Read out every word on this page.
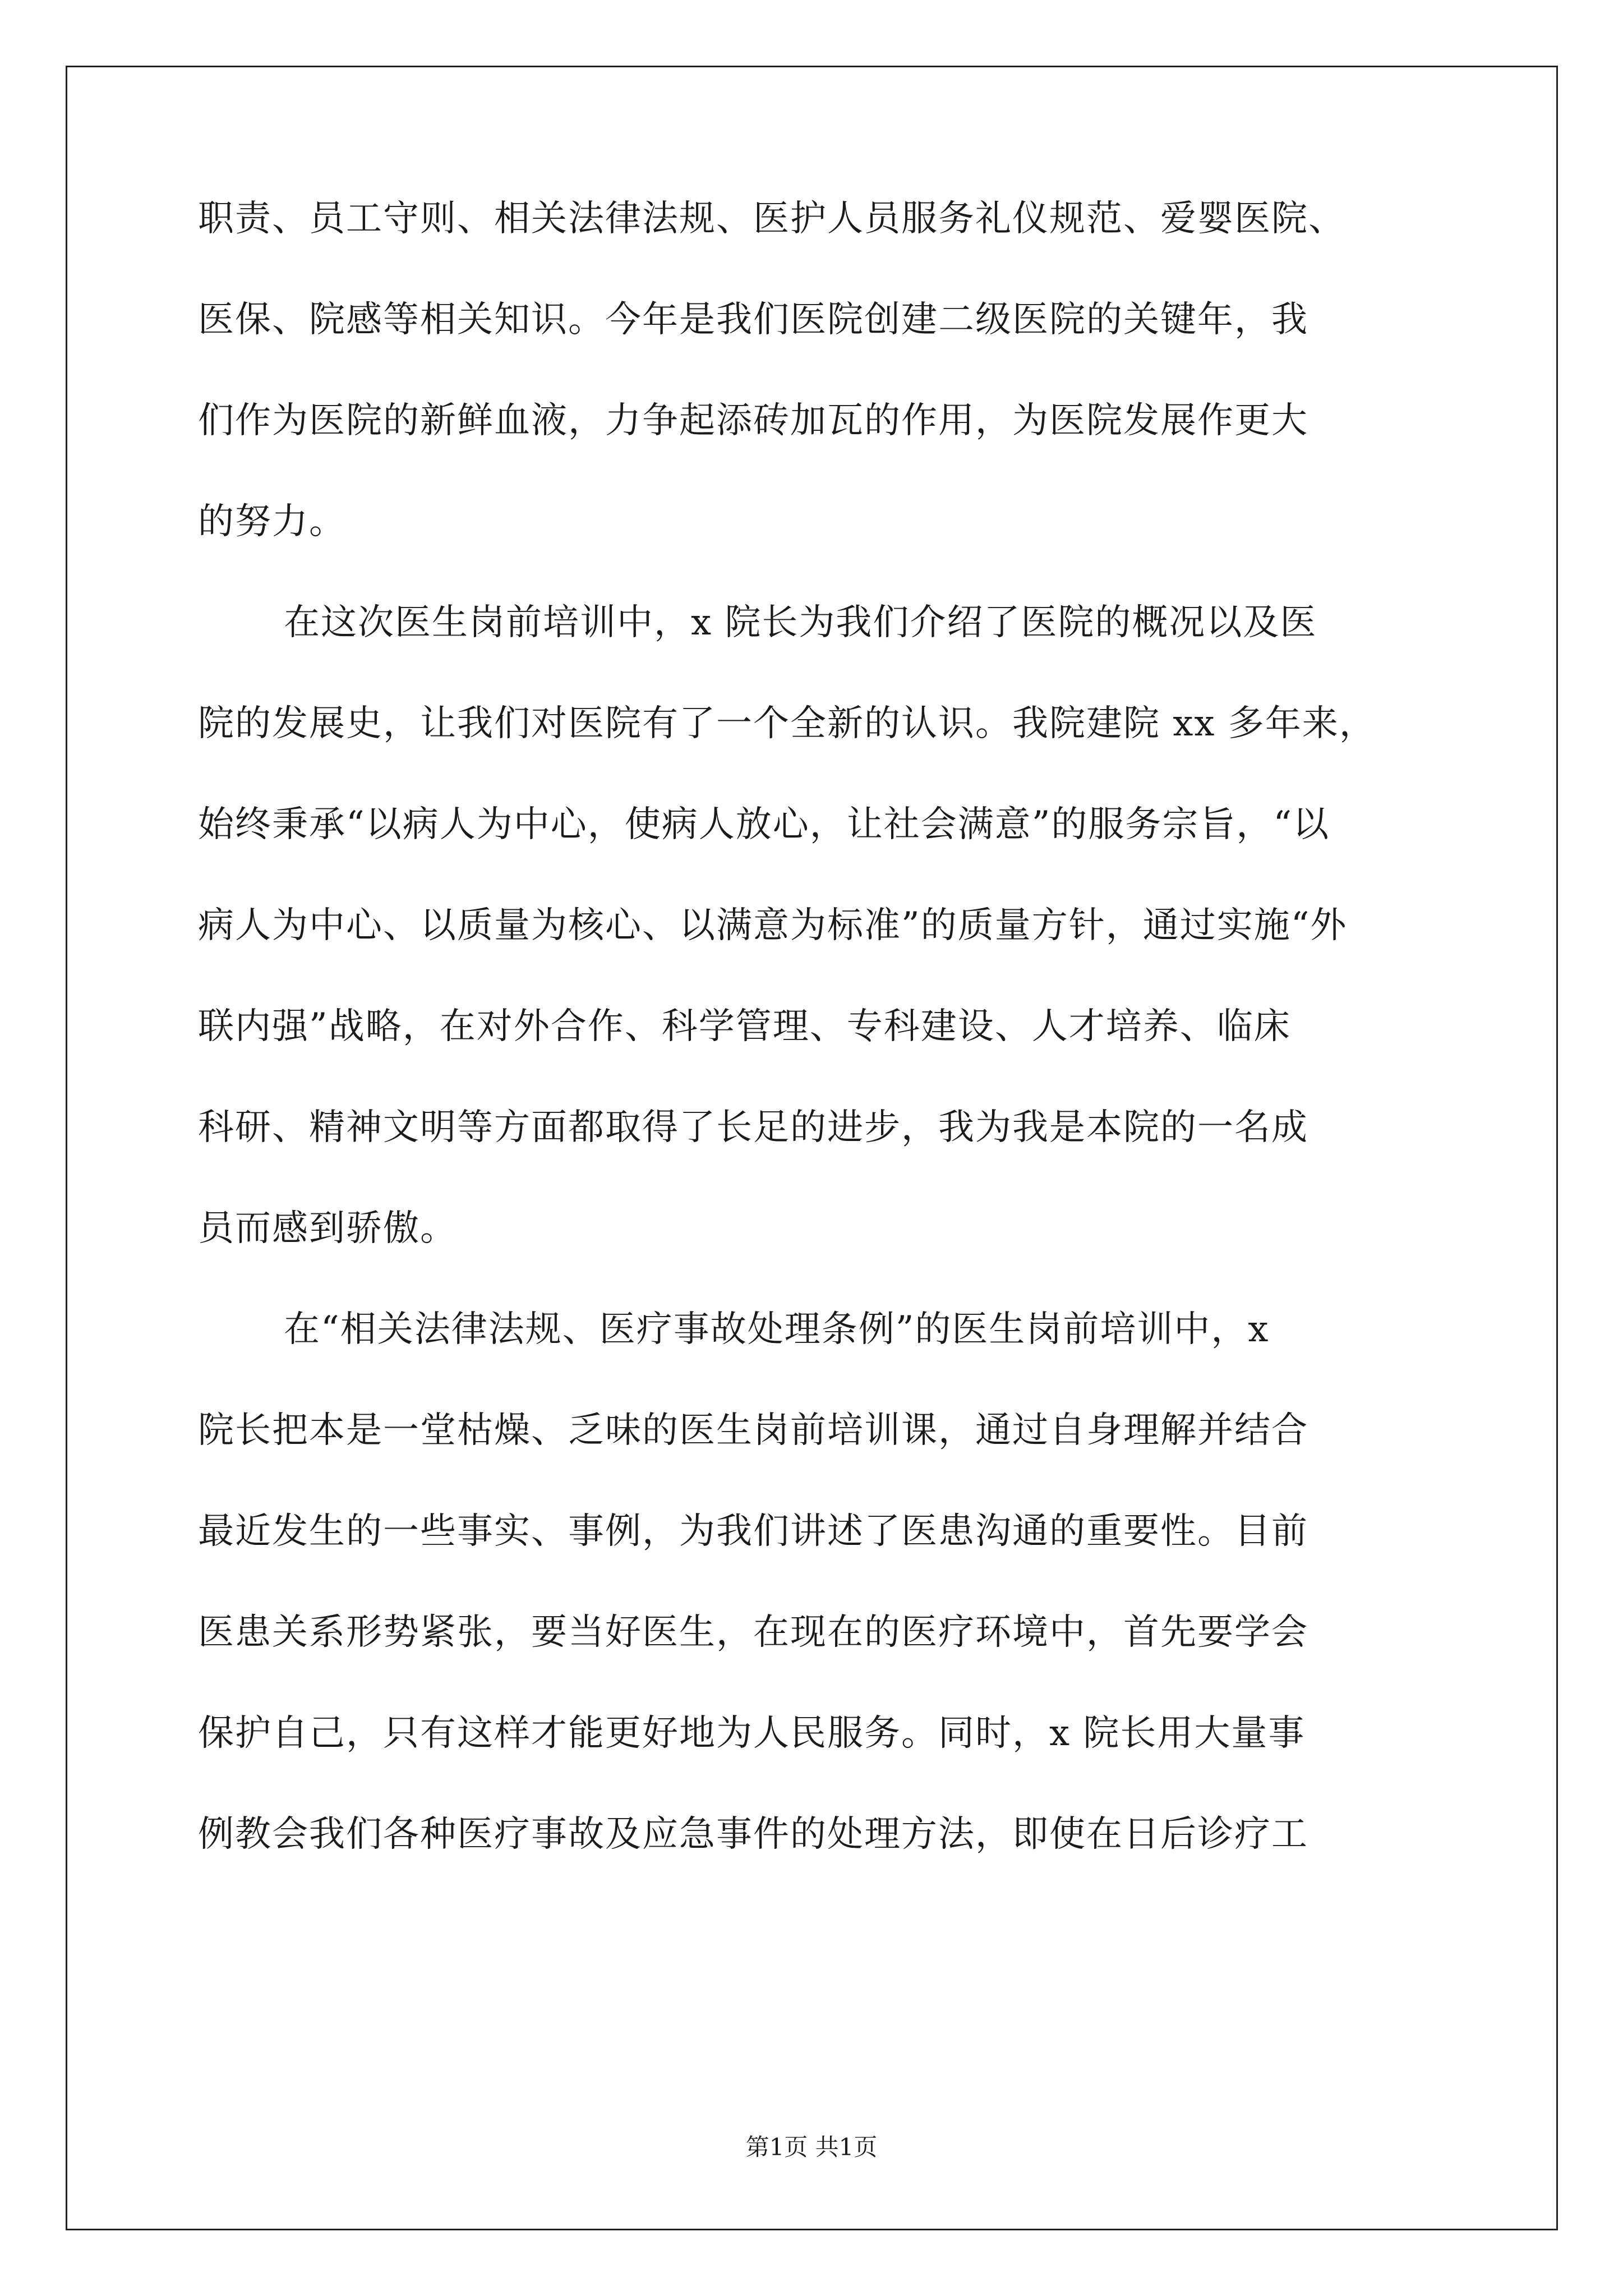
职责、员工守则、相关法律法规、医护人员服务礼仪规范、爱婴医院、
医保、院感等相关知识。今年是我们医院创建二级医院的关键年，我
们作为医院的新鲜血液，力争起添砖加瓦的作用，为医院发展作更大
的努力。
在这次医生岗前培训中，x 院长为我们介绍了医院的概况以及医
院的发展史，让我们对医院有了一个全新的认识。我院建院 xx 多年来，
始终秉承“以病人为中心，使病人放心，让社会满意”的服务宗旨，“以
病人为中心、以质量为核心、以满意为标准”的质量方针，通过实施“外
联内强”战略，在对外合作、科学管理、专科建设、人才培养、临床
科研、精神文明等方面都取得了长足的进步，我为我是本院的一名成
员而感到骄傲。
在“相关法律法规、医疗事故处理条例”的医生岗前培训中，x
院长把本是一堂枯燥、乏味的医生岗前培训课，通过自身理解并结合
最近发生的一些事实、事例，为我们讲述了医患沟通的重要性。目前
医患关系形势紧张，要当好医生，在现在的医疗环境中，首先要学会
保护自己，只有这样才能更好地为人民服务。同时，x 院长用大量事
例教会我们各种医疗事故及应急事件的处理方法，即使在日后诊疗工
第1页 共1页
